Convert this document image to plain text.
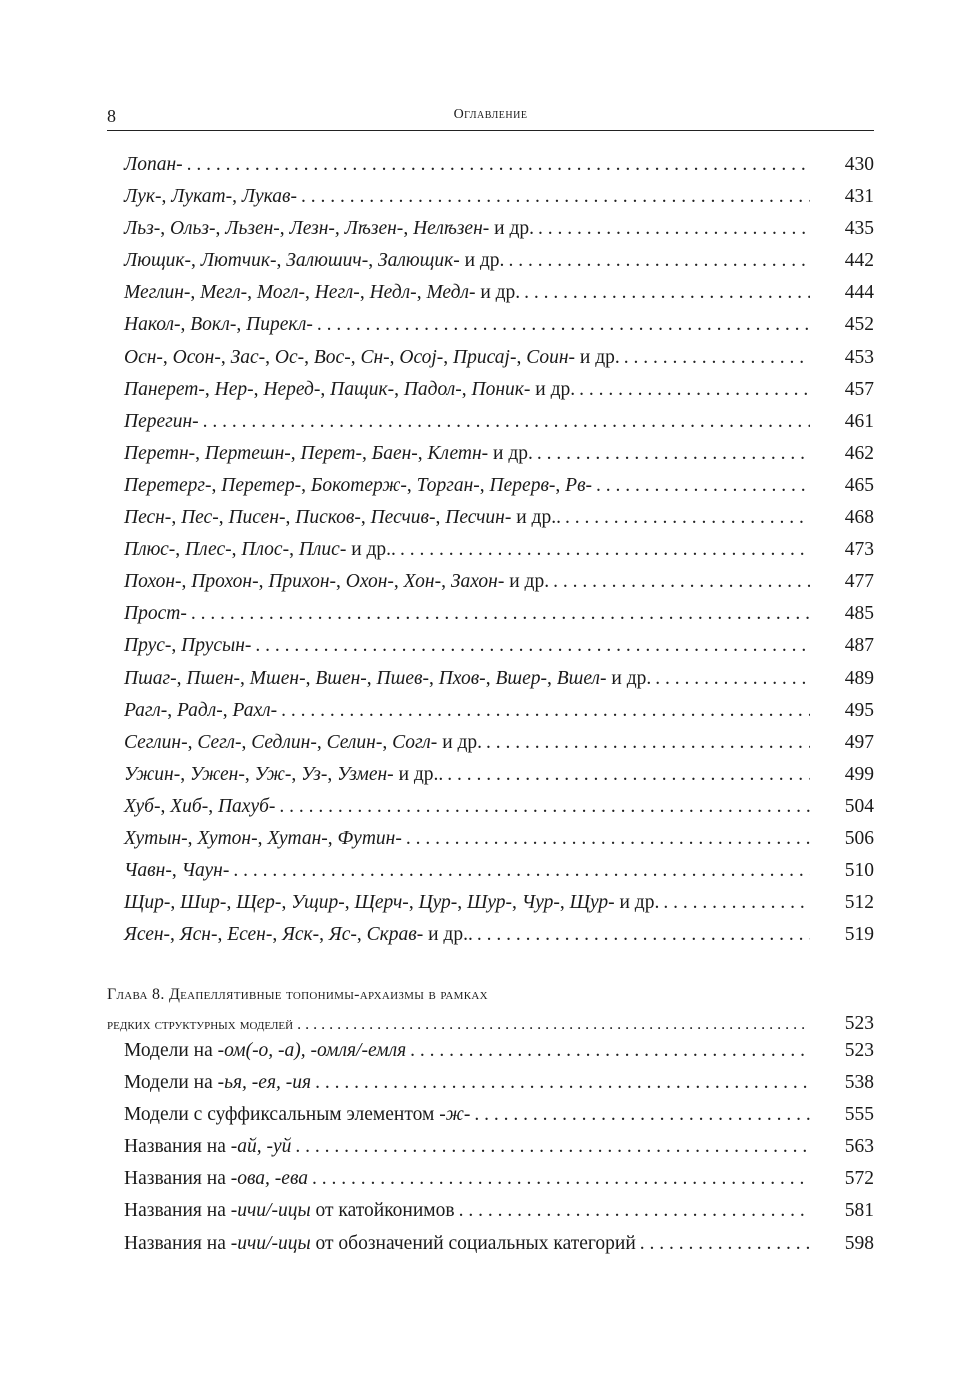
8	Оглавление
Лопан- . . .	430
Лук-, Лукат-, Лукав- . . .	431
Льз-, Ольз-, Льзен-, Лезн-, Лѣзен-, Нелѣзен- и др. . . .	435
Лющик-, Лютчик-, Залюшич-, Залющик- и др. . . .	442
Меглин-, Мегл-, Могл-, Негл-, Недл-, Медл- и др. . . .	444
Накол-, Вокл-, Пирекл- . . .	452
Осн-, Осон-, Зас-, Ос-, Вос-, Сн-, Осој-, Присај-, Соин- и др. . . .	453
Панерет-, Нер-, Неред-, Пащик-, Падол-, Поник- и др. . . .	457
Перегин- . . .	461
Перетн-, Пертешн-, Перет-, Баен-, Клетн- и др. . . .	462
Перетерг-, Перетер-, Бокотерж-, Торган-, Перерв-, Рв- . . .	465
Песн-, Пес-, Писен-, Писков-, Песчив-, Песчин- и др.. . . .	468
Плюс-, Плес-, Плос-, Плис- и др.. . . .	473
Похон-, Прохон-, Прихон-, Охон-, Хон-, Захон- и др. . . .	477
Прост- . . .	485
Прус-, Прусын- . . .	487
Пшаг-, Пшен-, Мшен-, Вшен-, Пшев-, Пхов-, Вшер-, Вшел- и др. . . .	489
Рагл-, Радл-, Рахл- . . .	495
Сеглин-, Сегл-, Седлин-, Селин-, Согл- и др. . . .	497
Ужин-, Ужен-, Уж-, Уз-, Узмен- и др.. . . .	499
Хуб-, Хиб-, Пахуб- . . .	504
Хутын-, Хутон-, Хутан-, Футин- . . .	506
Чавн-, Чаун- . . .	510
Щир-, Шир-, Щер-, Ущир-, Щерч-, Цур-, Шур-, Чур-, Щур- и др. . . .	512
Ясен-, Ясн-, Есен-, Яск-, Яс-, Скрав- и др.. . . .	519
Глава 8. Деапеллятивные топонимы-архаизмы в рамках
редких структурных моделей . . .	523
Модели на -ом(-о, -а), -омля/-емля . . .	523
Модели на -ья, -ея, -ия . . .	538
Модели с суффиксальным элементом -ж- . . .	555
Названия на -ай, -уй . . .	563
Названия на -ова, -ева . . .	572
Названия на -ичи/-ицы от катойконимов . . .	581
Названия на -ичи/-ицы от обозначений социальных категорий . . .	598
